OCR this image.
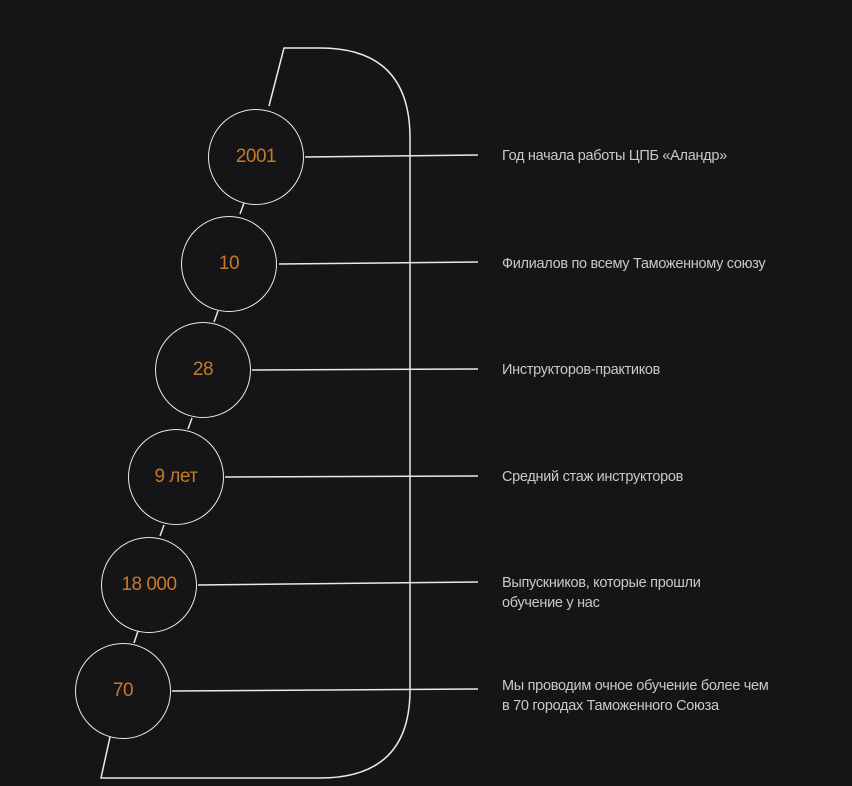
2001
10
28
9 лет
18 000
70
Год начала работы ЦПБ «Аландр»
Филиалов по всему Таможенному союзу
Инструкторов-практиков
Средний стаж инструкторов
Выпускников, которые прошли обучение у нас
Мы проводим очное обучение более чем в 70 городах Таможенного Союза
